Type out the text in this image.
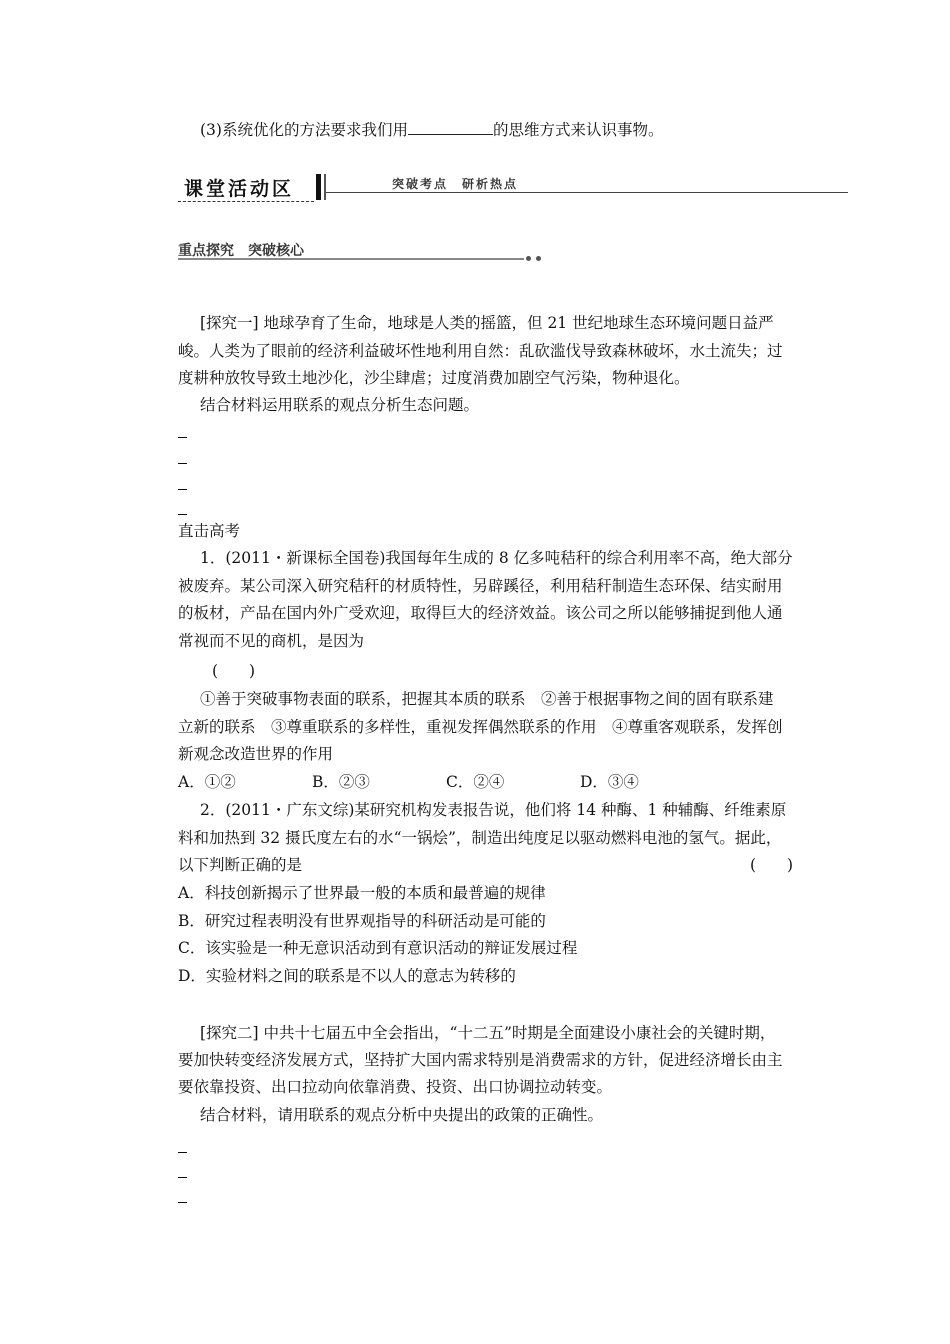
(3)系统优化的方法要求我们用	的思维方式来认识事物。
课堂活动区	突破考点　研析热点
重点探究　突破核心
[探究一] 地球孕育了生命，地球是人类的摇篮，但 21 世纪地球生态环境问题日益严
峻。人类为了眼前的经济利益破坏性地利用自然：乱砍滥伐导致森林破坏，水土流失；过
度耕种放牧导致土地沙化，沙尘肆虐；过度消费加剧空气污染，物种退化。
结合材料运用联系的观点分析生态问题。
直击高考
1．(2011・新课标全国卷)我国每年生成的 8 亿多吨秸秆的综合利用率不高，绝大部分
被废弃。某公司深入研究秸秆的材质特性，另辟蹊径，利用秸秆制造生态环保、结实耐用
的板材，产品在国内外广受欢迎，取得巨大的经济效益。该公司之所以能够捕捉到他人通
常视而不见的商机，是因为
(　　)
①善于突破事物表面的联系，把握其本质的联系　②善于根据事物之间的固有联系建
立新的联系　③尊重联系的多样性，重视发挥偶然联系的作用　④尊重客观联系，发挥创
新观念改造世界的作用
A．①②	B．②③	C．②④	D．③④
2．(2011・广东文综)某研究机构发表报告说，他们将 14 种酶、1 种辅酶、纤维素原
料和加热到 32 摄氏度左右的水“一锅烩”，制造出纯度足以驱动燃料电池的氢气。据此，
以下判断正确的是	(　　)
A．科技创新揭示了世界最一般的本质和最普遍的规律
B．研究过程表明没有世界观指导的科研活动是可能的
C．该实验是一种无意识活动到有意识活动的辩证发展过程
D．实验材料之间的联系是不以人的意志为转移的
[探究二] 中共十七届五中全会指出，“十二五”时期是全面建设小康社会的关键时期，
要加快转变经济发展方式，坚持扩大国内需求特别是消费需求的方针，促进经济增长由主
要依靠投资、出口拉动向依靠消费、投资、出口协调拉动转变。
结合材料，请用联系的观点分析中央提出的政策的正确性。
